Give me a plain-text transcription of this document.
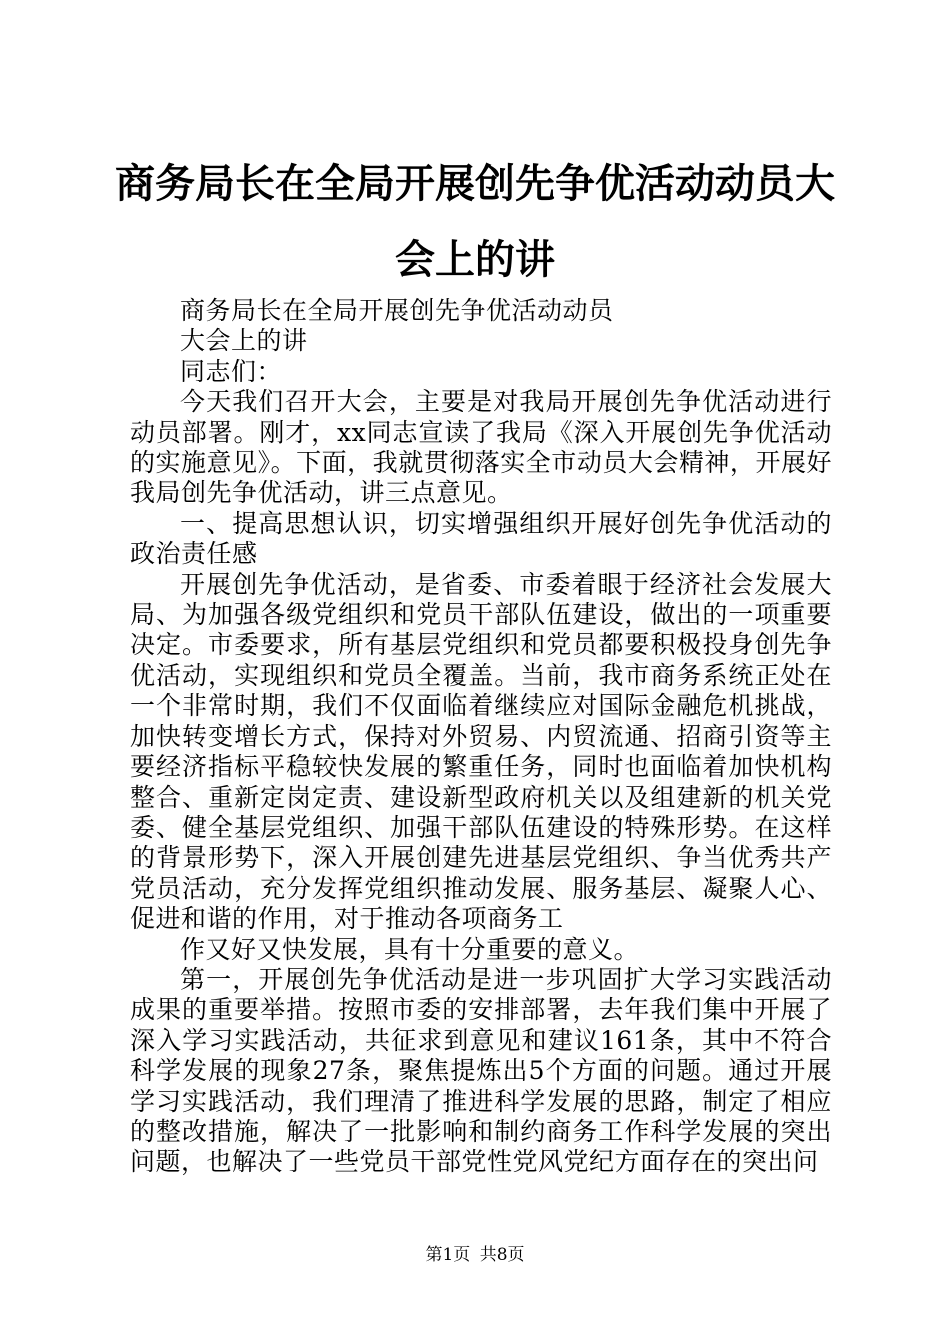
商务局长在全局开展创先争优活动动员大会上的讲

商务局长在全局开展创先争优活动动员

大会上的讲

同志们：

今天我们召开大会，主要是对我局开展创先争优活动进行动员部署。刚才，xx同志宣读了我局《深入开展创先争优活动的实施意见》。下面，我就贯彻落实全市动员大会精神，开展好我局创先争优活动，讲三点意见。

一、提高思想认识，切实增强组织开展好创先争优活动的政治责任感

开展创先争优活动，是省委、市委着眼于经济社会发展大局、为加强各级党组织和党员干部队伍建设，做出的一项重要决定。市委要求，所有基层党组织和党员都要积极投身创先争优活动，实现组织和党员全覆盖。当前，我市商务系统正处在一个非常时期，我们不仅面临着继续应对国际金融危机挑战，加快转变增长方式，保持对外贸易、内贸流通、招商引资等主要经济指标平稳较快发展的繁重任务，同时也面临着加快机构整合、重新定岗定责、建设新型政府机关以及组建新的机关党委、健全基层党组织、加强干部队伍建设的特殊形势。在这样的背景形势下，深入开展创建先进基层党组织、争当优秀共产党员活动，充分发挥党组织推动发展、服务基层、凝聚人心、促进和谐的作用，对于推动各项商务工

作又好又快发展，具有十分重要的意义。

第一，开展创先争优活动是进一步巩固扩大学习实践活动成果的重要举措。按照市委的安排部署，去年我们集中开展了深入学习实践活动，共征求到意见和建议161条，其中不符合科学发展的现象27条，聚焦提炼出5个方面的问题。通过开展学习实践活动，我们理清了推进科学发展的思路，制定了相应的整改措施，解决了一批影响和制约商务工作科学发展的突出问题，也解决了一些党员干部党性党风党纪方面存在的突出问

第1页 共8页
